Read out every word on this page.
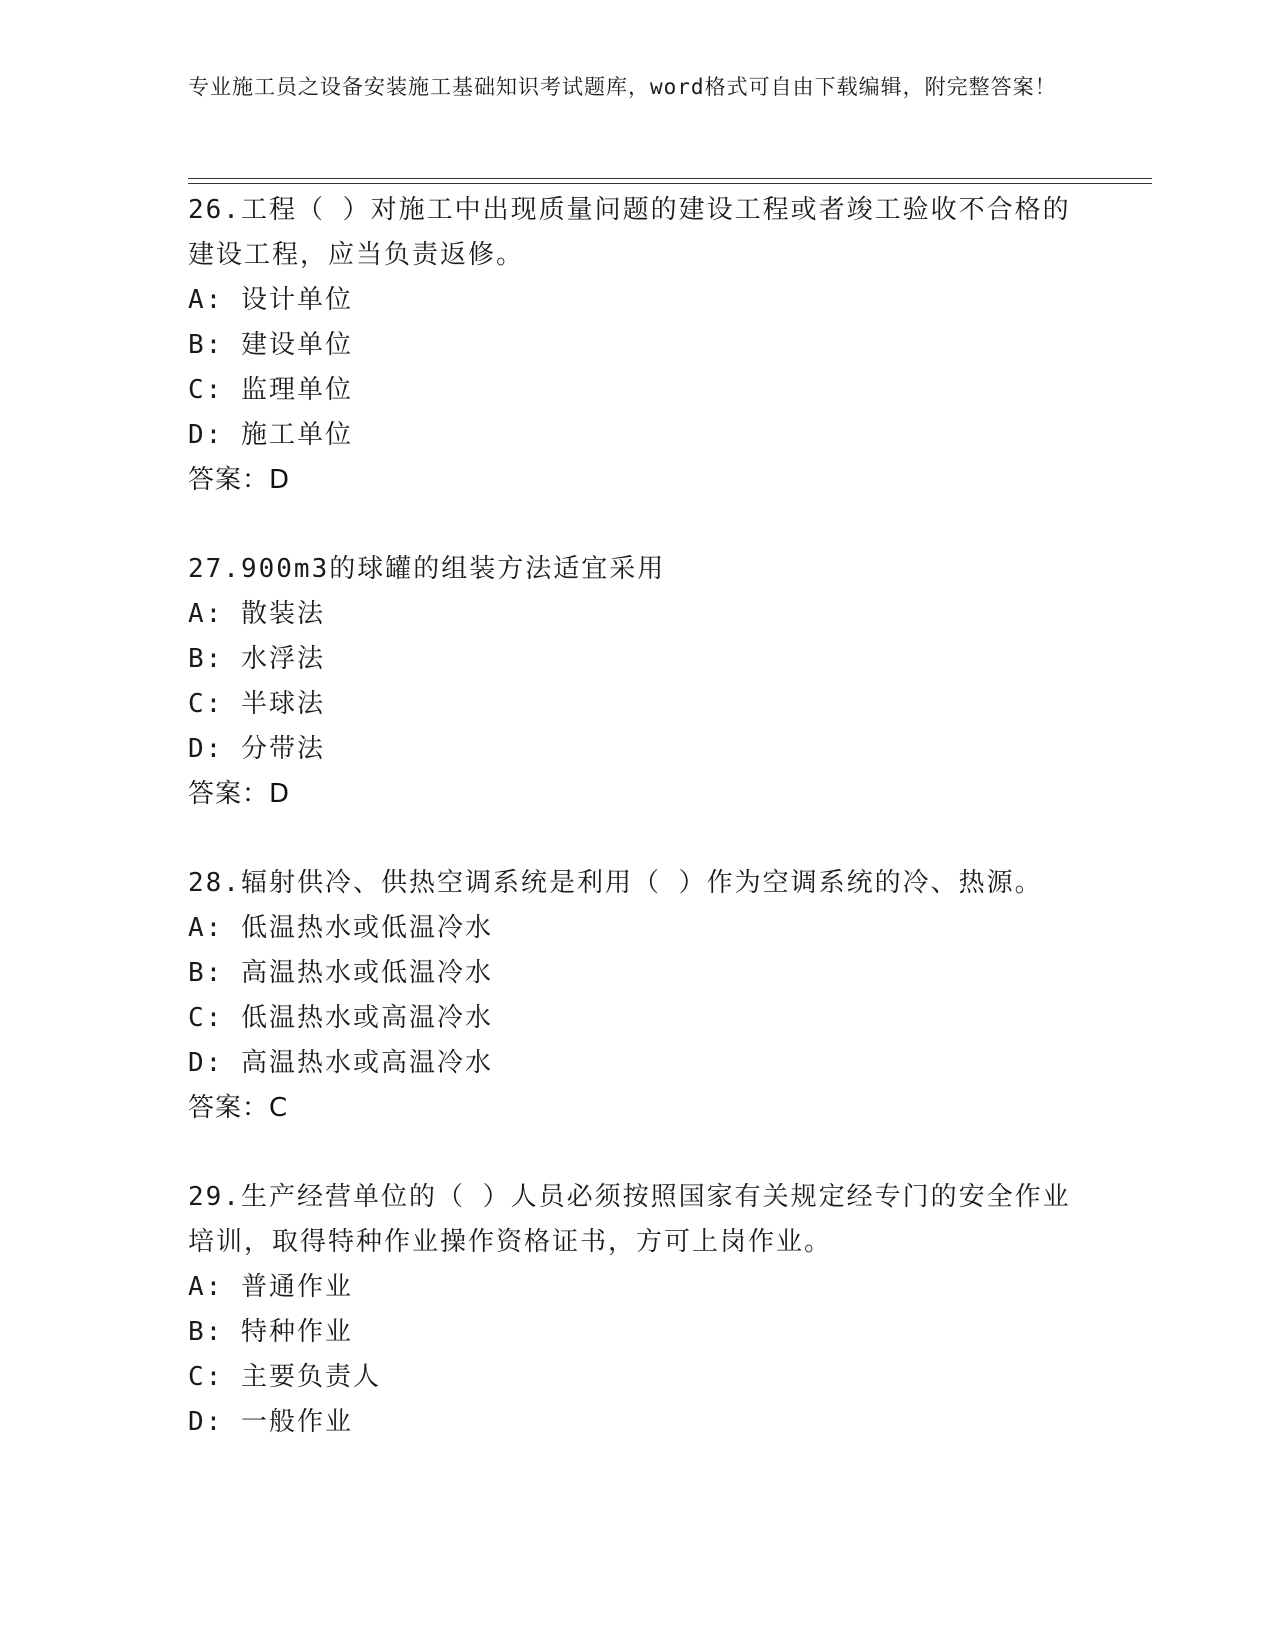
专业施工员之设备安装施工基础知识考试题库，word格式可自由下载编辑，附完整答案！
26.工程（ ）对施工中出现质量问题的建设工程或者竣工验收不合格的建设工程，应当负责返修。
A: 设计单位
B: 建设单位
C: 监理单位
D: 施工单位
答案：D
27.900m3的球罐的组装方法适宜采用
A: 散装法
B: 水浮法
C: 半球法
D: 分带法
答案：D
28.辐射供冷、供热空调系统是利用（ ）作为空调系统的冷、热源。
A: 低温热水或低温冷水
B: 高温热水或低温冷水
C: 低温热水或高温冷水
D: 高温热水或高温冷水
答案：C
29.生产经营单位的（ ）人员必须按照国家有关规定经专门的安全作业培训，取得特种作业操作资格证书，方可上岗作业。
A: 普通作业
B: 特种作业
C: 主要负责人
D: 一般作业
